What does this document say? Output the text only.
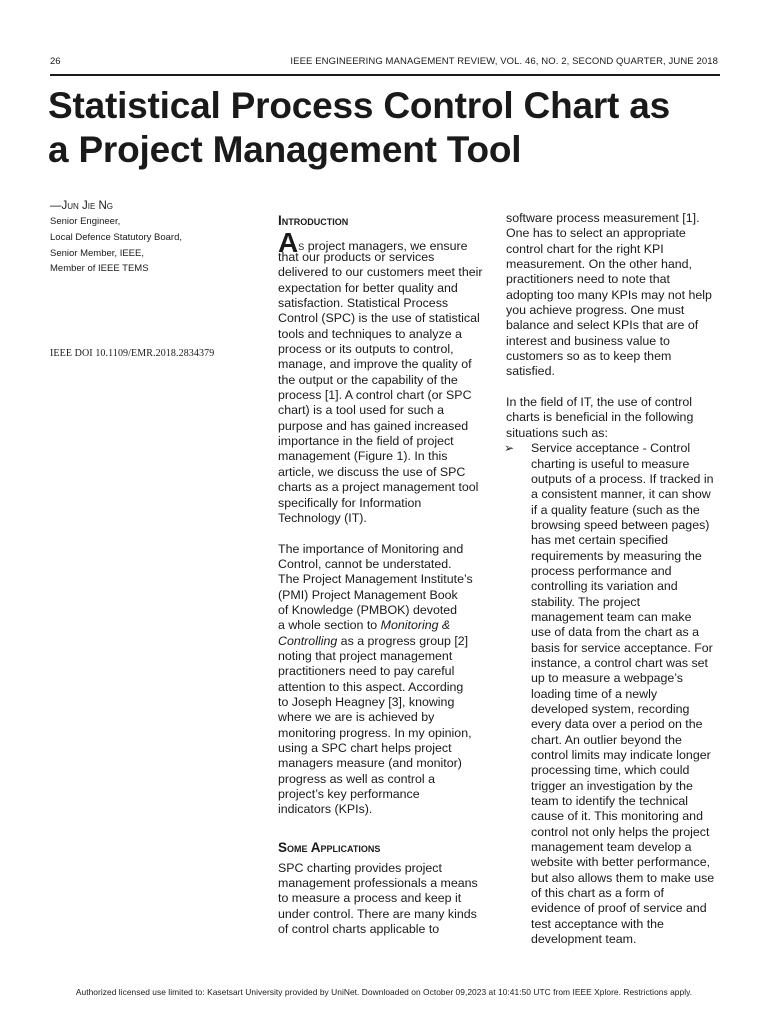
26	IEEE ENGINEERING MANAGEMENT REVIEW, VOL. 46, NO. 2, SECOND QUARTER, JUNE 2018
Statistical Process Control Chart as
a Project Management Tool
—Jun Jie Ng
Senior Engineer,
Local Defence Statutory Board,
Senior Member, IEEE,
Member of IEEE TEMS
IEEE DOI 10.1109/EMR.2018.2834379
Introduction
As project managers, we ensure
that our products or services
delivered to our customers meet their
expectation for better quality and
satisfaction. Statistical Process
Control (SPC) is the use of statistical
tools and techniques to analyze a
process or its outputs to control,
manage, and improve the quality of
the output or the capability of the
process [1]. A control chart (or SPC
chart) is a tool used for such a
purpose and has gained increased
importance in the field of project
management (Figure 1). In this
article, we discuss the use of SPC
charts as a project management tool
specifically for Information
Technology (IT).
The importance of Monitoring and
Control, cannot be understated.
The Project Management Institute’s
(PMI) Project Management Book
of Knowledge (PMBOK) devoted
a whole section to Monitoring &
Controlling as a progress group [2]
noting that project management
practitioners need to pay careful
attention to this aspect. According
to Joseph Heagney [3], knowing
where we are is achieved by
monitoring progress. In my opinion,
using a SPC chart helps project
managers measure (and monitor)
progress as well as control a
project’s key performance
indicators (KPIs).
Some Applications
SPC charting provides project
management professionals a means
to measure a process and keep it
under control. There are many kinds
of control charts applicable to
software process measurement [1].
One has to select an appropriate
control chart for the right KPI
measurement. On the other hand,
practitioners need to note that
adopting too many KPIs may not help
you achieve progress. One must
balance and select KPIs that are of
interest and business value to
customers so as to keep them
satisfied.
In the field of IT, the use of control
charts is beneficial in the following
situations such as:
➢ Service acceptance - Control
charting is useful to measure
outputs of a process. If tracked in
a consistent manner, it can show
if a quality feature (such as the
browsing speed between pages)
has met certain specified
requirements by measuring the
process performance and
controlling its variation and
stability. The project
management team can make
use of data from the chart as a
basis for service acceptance. For
instance, a control chart was set
up to measure a webpage’s
loading time of a newly
developed system, recording
every data over a period on the
chart. An outlier beyond the
control limits may indicate longer
processing time, which could
trigger an investigation by the
team to identify the technical
cause of it. This monitoring and
control not only helps the project
management team develop a
website with better performance,
but also allows them to make use
of this chart as a form of
evidence of proof of service and
test acceptance with the
development team.
Authorized licensed use limited to: Kasetsart University provided by UniNet. Downloaded on October 09,2023 at 10:41:50 UTC from IEEE Xplore. Restrictions apply.
